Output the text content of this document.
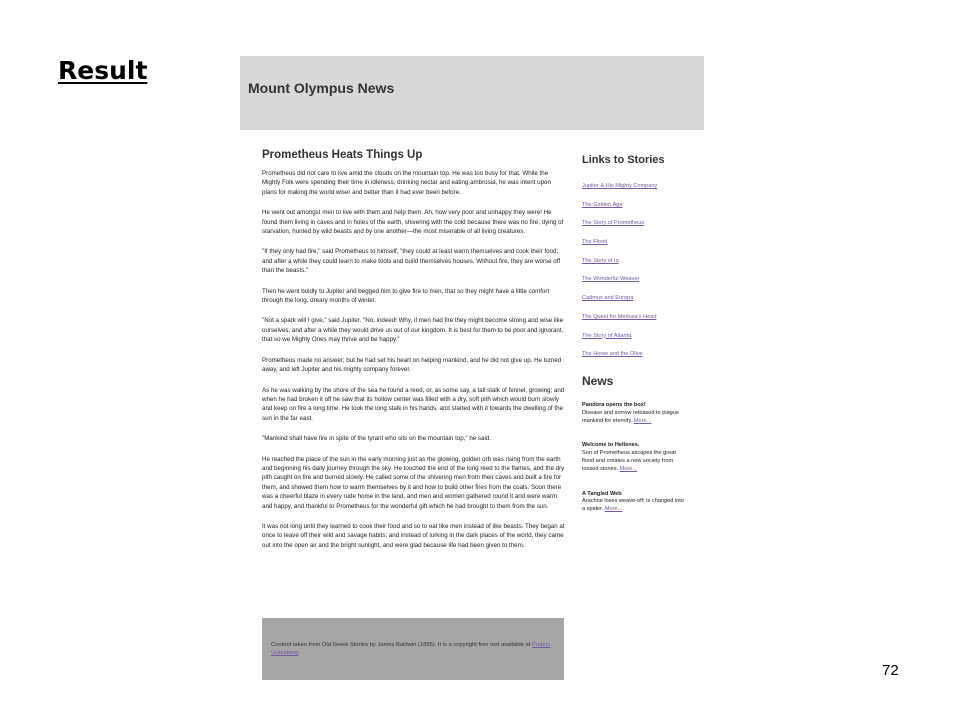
Result
Mount Olympus News
Prometheus Heats Things Up

Prometheus did not care to live amid the clouds on the mountain top. He was too busy for that. While the Mighty Folk were spending their time in idleness, drinking nectar and eating ambrosia, he was intent upon plans for making the world wiser and better than it had ever been before.

He went out amongst men to live with them and help them. Ah, how very poor and unhappy they were! He found them living in caves and in holes of the earth, shivering with the cold because there was no fire, dying of starvation, hunted by wild beasts and by one another—the most miserable of all living creatures.

"If they only had fire," said Prometheus to himself, "they could at least warm themselves and cook their food; and after a while they could learn to make tools and build themselves houses. Without fire, they are worse off than the beasts."

Then he went boldly to Jupiter and begged him to give fire to men, that so they might have a little comfort through the long, dreary months of winter.

"Not a spark will I give," said Jupiter. "No, indeed! Why, if men had fire they might become strong and wise like ourselves, and after a while they would drive us out of our kingdom. It is best for them to be poor and ignorant, that so we Mighty Ones may thrive and be happy."

Prometheus made no answer; but he had set his heart on helping mankind, and he did not give up. He turned away, and left Jupiter and his mighty company forever.

As he was walking by the shore of the sea he found a reed, or, as some say, a tall stalk of fennel, growing; and when he had broken it off he saw that its hollow center was filled with a dry, soft pith which would burn slowly and keep on fire a long time. He took the long stalk in his hands, and started with it towards the dwelling of the sun in the far east.

"Mankind shall have fire in spite of the tyrant who sits on the mountain top," he said.

He reached the place of the sun in the early morning just as the glowing, golden orb was rising from the earth and beginning his daily journey through the sky. He touched the end of the long reed to the flames, and the dry pith caught on fire and burned slowly. He called some of the shivering men from their caves and built a fire for them, and showed them how to warm themselves by it and how to build other fires from the coals. Soon there was a cheerful blaze in every rude home in the land, and men and women gathered round it and were warm and happy, and thankful to Prometheus for the wonderful gift which he had brought to them from the sun.

It was not long until they learned to cook their food and so to eat like men instead of like beasts. They began at once to leave off their wild and savage habits; and instead of lurking in the dark places of the world, they came out into the open air and the bright sunlight, and were glad because life had been given to them.

Links to Stories
Jupiter & His Mighty Company
The Golden Age
The Story of Prometheus
The Flood
The Story of Io
The Wonderful Weaver
Cadmus and Europa
The Quest for Medusa's Head
The Story of Atlanta
The Horse and the Olive
News
Pandora opens the box!
Disease and sorrow released to plague mankind for eternity. More...
Welcome to Hellenes.
Son of Prometheus escapes the great flood and creates a new society from tossed stones. More...
A Tangled Web
Arachne loses weave-off; is changed into a spider. More...
Content taken from Old Greek Stories by James Baldwin (1895). It is a copyright free text available at Project Gutenberg.
72
